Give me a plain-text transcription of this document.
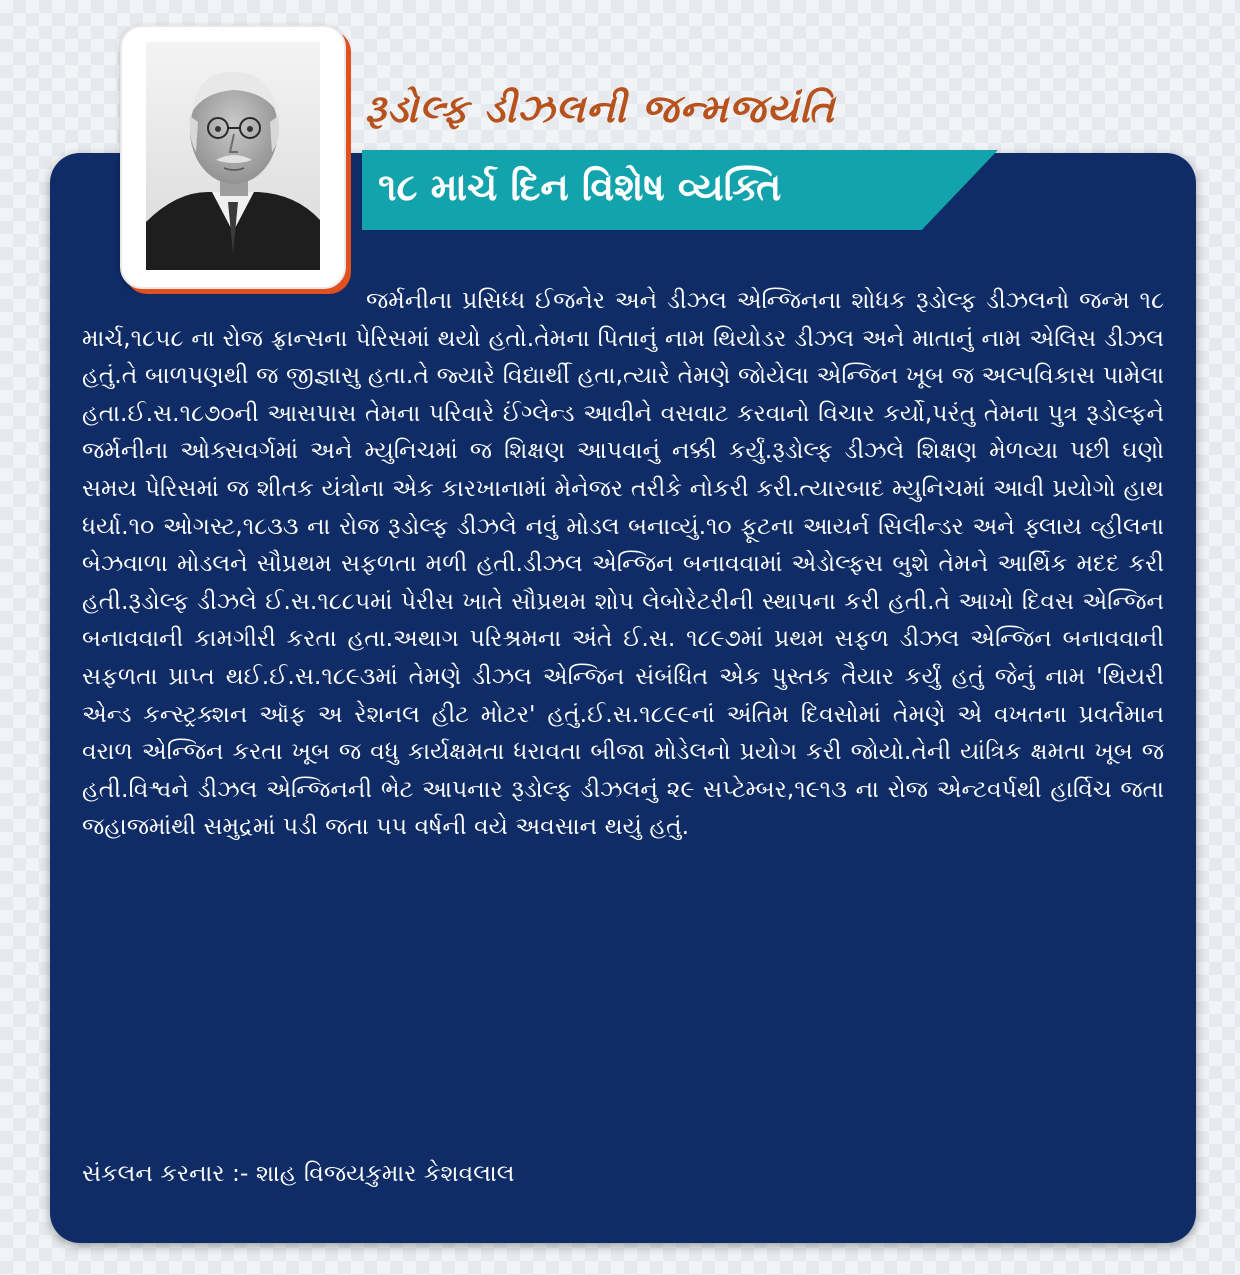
રૂડોલ્ફ ડીઝલની જન્મજયંતિ

૧૮ માર્ચ દિન વિશેષ વ્યક્તિ

જર્મનીના પ્રસિધ્ધ ઈજનેર અને ડીઝલ એન્જિનના શોધક રૂડોલ્ફ ડીઝલનો જન્મ ૧૮ માર્ચ,૧૮૫૮ ના રોજ ફ્રાન્સના પેરિસમાં થયો હતો.તેમના પિતાનું નામ થિયોડર ડીઝલ અને માતાનું નામ એલિસ ડીઝલ હતું.તે બાળપણથી જ જીજ્ઞાસુ હતા.તે જ્યારે વિદ્યાર્થી હતા,ત્યારે તેમણે જોયેલા એન્જિન ખૂબ જ અલ્પવિકાસ પામેલા હતા.ઈ.સ.૧૮૭૦ની આસપાસ તેમના પરિવારે ઈંગ્લેન્ડ આવીને વસવાટ કરવાનો વિચાર કર્યો,પરંતુ તેમના પુત્ર રૂડોલ્ફને જર્મનીના ઓક્સવર્ગમાં અને મ્યુનિચમાં જ શિક્ષણ આપવાનું નક્કી કર્યું.રૂડોલ્ફ ડીઝલે શિક્ષણ મેળવ્યા પછી ઘણો સમય પેરિસમાં જ શીતક યંત્રોના એક કારખાનામાં મેનેજર તરીકે નોકરી કરી.ત્યારબાદ મ્યુનિચમાં આવી પ્રયોગો હાથ ધર્યા.૧૦ ઓગસ્ટ,૧૮૩૩ ના રોજ રૂડોલ્ફ ડીઝલે નવું મોડલ બનાવ્યું.૧૦ ફૂટના આયર્ન સિલીન્ડર અને ફ્લાય વ્હીલના બેઝવાળા મોડલને સૌપ્રથમ સફળતા મળી હતી.ડીઝલ એન્જિન બનાવવામાં એડોલ્ફસ બુશે તેમને આર્થિક મદદ કરી હતી.રૂડોલ્ફ ડીઝલે ઈ.સ.૧૮૮૫માં પેરીસ ખાતે સૌપ્રથમ શોપ લેબોરેટરીની સ્થાપના કરી હતી.તે આખો દિવસ એન્જિન બનાવવાની કામગીરી કરતા હતા.અથાગ પરિશ્રમના અંતે ઈ.સ. ૧૮૯૭માં પ્રથમ સફળ ડીઝલ એન્જિન બનાવવાની સફળતા પ્રાપ્ત થઈ.ઈ.સ.૧૮૯૩માં તેમણે ડીઝલ એન્જિન સંબંધિત એક પુસ્તક તૈયાર કર્યું હતું જેનું નામ 'થિયરી એન્ડ કન્સ્ટ્રક્શન ઑફ અ રેશનલ હીટ મોટર' હતું.ઈ.સ.૧૮૯૯નાં અંતિમ દિવસોમાં તેમણે એ વખતના પ્રવર્તમાન વરાળ એન્જિન કરતા ખૂબ જ વધુ કાર્યક્ષમતા ધરાવતા બીજા મોડેલનો પ્રયોગ કરી જોયો.તેની યાંત્રિક ક્ષમતા ખૂબ જ હતી.વિશ્વને ડીઝલ એન્જિનની ભેટ આપનાર રૂડોલ્ફ ડીઝલનું ૨૯ સપ્ટેમ્બર,૧૯૧૩ ના રોજ એન્ટવર્પથી હાર્વિચ જતા જહાજમાંથી સમુદ્રમાં પડી જતા ૫૫ વર્ષની વયે અવસાન થયું હતું.

સંકલન કરનાર :- શાહ વિજયકુમાર કેશવલાલ
